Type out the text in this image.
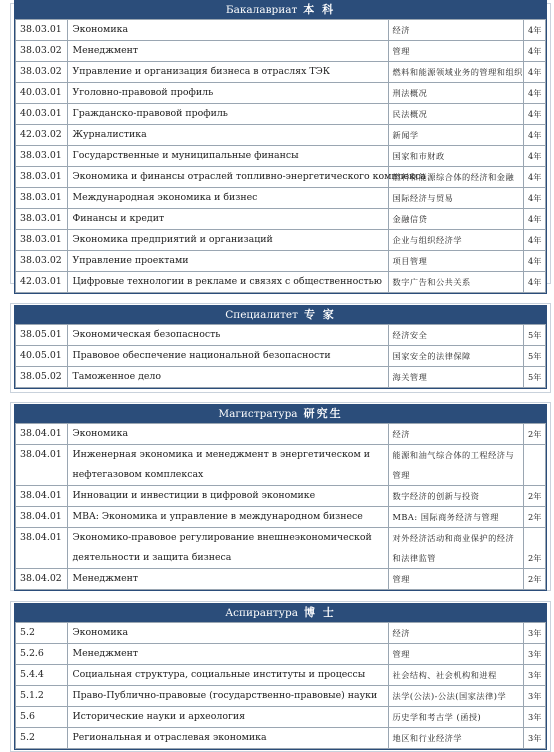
Бакалавриат 本 科
38.03.01	Экономика	经济	4年
38.03.02	Менеджмент	管理	4年
38.03.02	Управление и организация бизнеса в отраслях ТЭК	燃料和能源领域业务的管理和组织	4年
40.03.01	Уголовно-правовой профиль	刑法概况	4年
40.03.01	Гражданско-правовой профиль	民法概况	4年
42.03.02	Журналистика	新闻学	4年
38.03.01	Государственные и муниципальные финансы	国家和市财政	4年
38.03.01	Экономика и финансы отраслей топливно-энергетического комплекса	燃料和能源综合体的经济和金融	4年
38.03.01	Международная экономика и бизнес	国际经济与贸易	4年
38.03.01	Финансы и кредит	金融信贷	4年
38.03.01	Экономика предприятий и организаций	企业与组织经济学	4年
38.03.02	Управление проектами	项目管理	4年
42.03.01	Цифровые технологии в рекламе и связях с общественностью	数字广告和公共关系	4年
Специалитет 专 家
38.05.01	Экономическая безопасность	经济安全	5年
40.05.01	Правовое обеспечение национальной безопасности	国家安全的法律保障	5年
38.05.02	Таможенное дело	海关管理	5年
Магистратура 研究生
38.04.01	Экономика	经济	2年
38.04.01	Инженерная экономика и менеджмент в энергетическом и нефтегазовом комплексах	能源和油气综合体的工程经济与管理	
38.04.01	Инновации и инвестиции в цифровой экономике	数字经济的创新与投资	2年
38.04.01	MBA: Экономика и управление в международном бизнесе	MBA: 国际商务经济与管理	2年
38.04.01	Экономико-правовое регулирование внешнеэкономической деятельности и защита бизнеса	对外经济活动和商业保护的经济和法律监管	2年
38.04.02	Менеджмент	管理	2年
Аспирантура 博 士
5.2	Экономика	经济	3年
5.2.6	Менеджмент	管理	3年
5.4.4	Социальная структура, социальные институты и процессы	社会结构、社会机构和进程	3年
5.1.2	Право-Публично-правовые (государственно-правовые) науки	法学(公法)-公法(国家法律)学	3年
5.6	Исторические науки и археология	历史学和考古学 (函授)	3年
5.2	Региональная и отраслевая экономика	地区和行业经济学	3年
